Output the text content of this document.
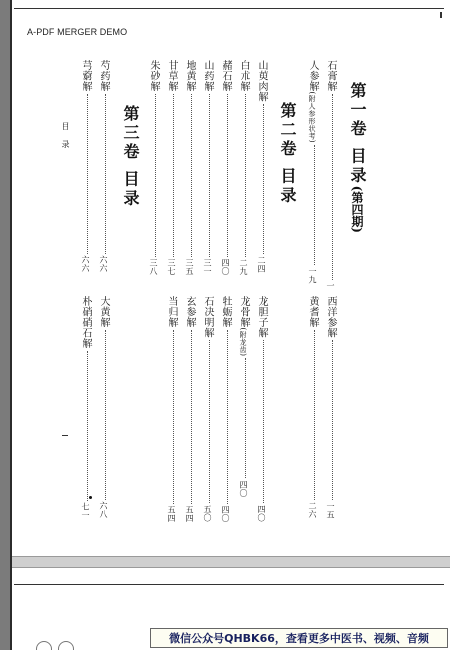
A-PDF MERGER DEMO
第一卷 目录(第四期)
石膏解一
人参解(附人参形状考)一九
西洋参解一五
黄耆解二六
第二卷 目录
山萸肉解二四
白朮解二九
赭石解四〇
山药解三一
地黄解三五
甘草解三七
朱砂解三八
龙胆子解四〇
龙骨解(附龙齿)四〇
牡蛎解四〇
石决明解五〇
玄参解五四
当归解五四
第三卷 目录
芍药解六六
芎藭解六六
大黄解六八
朴硝硝石解七一
目录
微信公众号QHBK66，查看更多中医书、视频、音频
